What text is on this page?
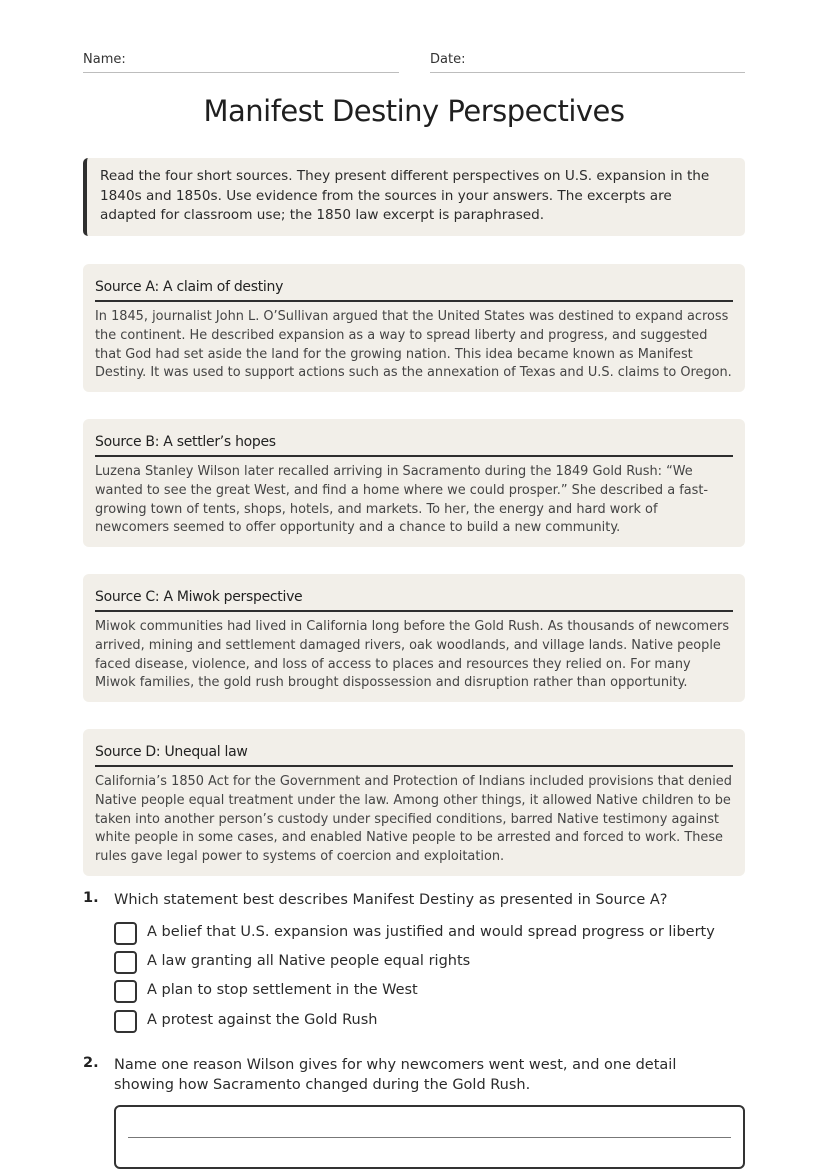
Name:	Date:
Manifest Destiny Perspectives
Read the four short sources. They present different perspectives on U.S. expansion in the 1840s and 1850s. Use evidence from the sources in your answers. The excerpts are adapted for classroom use; the 1850 law excerpt is paraphrased.
Source A: A claim of destiny
In 1845, journalist John L. O’Sullivan argued that the United States was destined to expand across the continent. He described expansion as a way to spread liberty and progress, and suggested that God had set aside the land for the growing nation. This idea became known as Manifest Destiny. It was used to support actions such as the annexation of Texas and U.S. claims to Oregon.
Source B: A settler’s hopes
Luzena Stanley Wilson later recalled arriving in Sacramento during the 1849 Gold Rush: “We wanted to see the great West, and find a home where we could prosper.” She described a fast-growing town of tents, shops, hotels, and markets. To her, the energy and hard work of newcomers seemed to offer opportunity and a chance to build a new community.
Source C: A Miwok perspective
Miwok communities had lived in California long before the Gold Rush. As thousands of newcomers arrived, mining and settlement damaged rivers, oak woodlands, and village lands. Native people faced disease, violence, and loss of access to places and resources they relied on. For many Miwok families, the gold rush brought dispossession and disruption rather than opportunity.
Source D: Unequal law
California’s 1850 Act for the Government and Protection of Indians included provisions that denied Native people equal treatment under the law. Among other things, it allowed Native children to be taken into another person’s custody under specified conditions, barred Native testimony against white people in some cases, and enabled Native people to be arrested and forced to work. These rules gave legal power to systems of coercion and exploitation.
1. Which statement best describes Manifest Destiny as presented in Source A?
A belief that U.S. expansion was justified and would spread progress or liberty
A law granting all Native people equal rights
A plan to stop settlement in the West
A protest against the Gold Rush
2. Name one reason Wilson gives for why newcomers went west, and one detail showing how Sacramento changed during the Gold Rush.
